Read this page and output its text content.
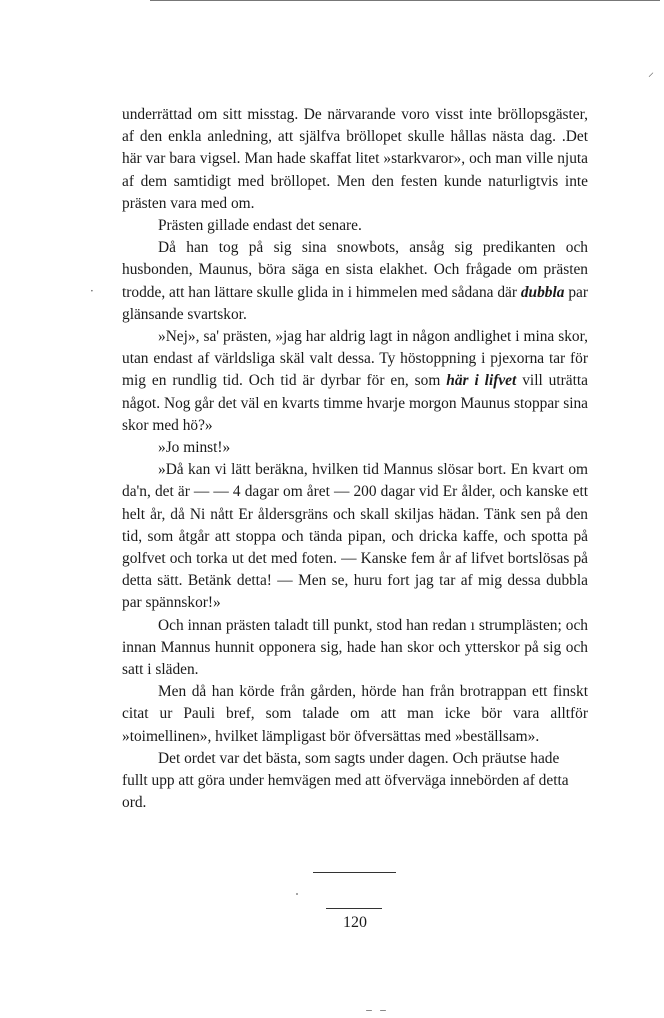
⸝
·

underrättad om sitt misstag. De närvarande voro visst inte bröllopsgäster, af den enkla anledning, att själfva bröllopet skulle hållas nästa dag. .Det här var bara vigsel. Man hade skaffat litet »starkvaror», och man ville njuta af dem samtidigt med bröllopet. Men den festen kunde naturligtvis inte prästen vara med om.

Prästen gillade endast det senare.

Då han tog på sig sina snowbots, ansåg sig predikanten och husbonden, Maunus, böra säga en sista elakhet. Och frågade om prästen trodde, att han lättare skulle glida in i himmelen med sådana där dubbla par glänsande svartskor.

»Nej», sa' prästen, »jag har aldrig lagt in någon andlighet i mina skor, utan endast af världsliga skäl valt dessa. Ty höstoppning i pjexorna tar för mig en rundlig tid. Och tid är dyrbar för en, som här i lifvet vill uträtta något. Nog går det väl en kvarts timme hvarje morgon Maunus stoppar sina skor med hö?»

»Jo minst!»

»Då kan vi lätt beräkna, hvilken tid Mannus slösar bort. En kvart om da'n, det är — — 4 dagar om året — 200 dagar vid Er ålder, och kanske ett helt år, då Ni nått Er åldersgräns och skall skiljas hädan. Tänk sen på den tid, som åtgår att stoppa och tända pipan, och dricka kaffe, och spotta på golfvet och torka ut det med foten. — Kanske fem år af lifvet bortslösas på detta sätt. Betänk detta! — Men se, huru fort jag tar af mig dessa dubbla par spännskor!»

Och innan prästen taladt till punkt, stod han redan ı strumplästen; och innan Mannus hunnit opponera sig, hade han skor och ytterskor på sig och satt i släden.

Men då han körde från gården, hörde han från brotrappan ett finskt citat ur Pauli bref, som talade om att man icke bör vara alltför »toimellinen», hvilket lämpligast bör öfversättas med »beställsam».

Det ordet var det bästa, som sagts under dagen. Och präutse hade fullt upp att göra under hemvägen med att öfverväga innebörden af detta ord.

120
